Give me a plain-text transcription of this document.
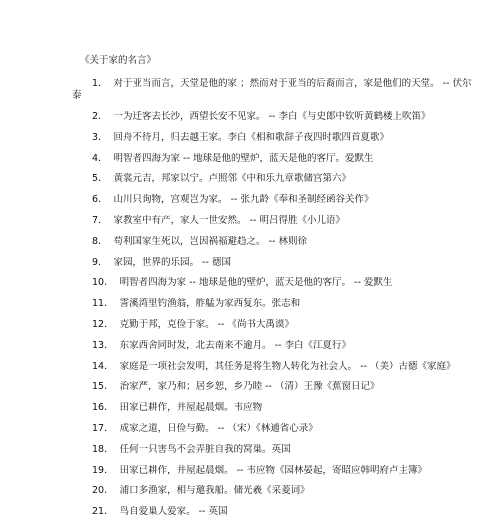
《关于家的名言》
1． 对于亚当而言，天堂是他的家 ；然而对于亚当的后裔而言，家是他们的天堂。 -- 伏尔
泰
2． 一为迁客去长沙，西望长安不见家。 -- 李白《与史郎中钦听黄鹤楼上吹笛》
3． 回舟不待月，归去越王家。李白《相和歌辞子夜四时歌四首夏歌》
4． 明智者四海为家 -- 地球是他的壁炉，蓝天是他的客厅。爱默生
5． 黄裳元吉，邦家以宁。卢照邻《中和乐九章歌储宫第六》
6． 山川只询物，宫观岂为家。 -- 张九龄《奉和圣制经函谷关作》
7． 家教室中有产，家人一世安然。 -- 明吕得胜《小儿语》
8． 苟利国家生死以，岂因祸福避趋之。 -- 林则徐
9． 家园，世界的乐园。 -- 德国
10． 明智者四海为家 -- 地球是他的壁炉，蓝天是他的客厅。 -- 爱默生
11． 霅溪湾里钓渔翁，舴艋为家西复东。张志和
12． 克勤于邦，克俭于家。 -- 《尚书大禹谟》
13． 东家西舍同时发，北去南来不逾月。 -- 李白《江夏行》
14． 家庭是一项社会发明，其任务是将生物人转化为社会人。 -- （美）古德《家庭》
15． 治家严，家乃和；居乡恕，乡乃睦 -- （清）王豫《蕉窗日记》
16． 田家已耕作，井屋起晨烟。韦应物
17． 成家之道，日俭与勤。 -- （宋）《林逋省心录》
18． 任何一只害鸟不会弄脏自我的窝巢。英国
19． 田家已耕作，井屋起晨烟。 -- 韦应物《园林晏起，寄昭应韩明府卢主簿》
20． 浦口多渔家，相与邀我船。储光羲《采菱词》
21． 鸟自爱巢人爱家。 -- 英国
